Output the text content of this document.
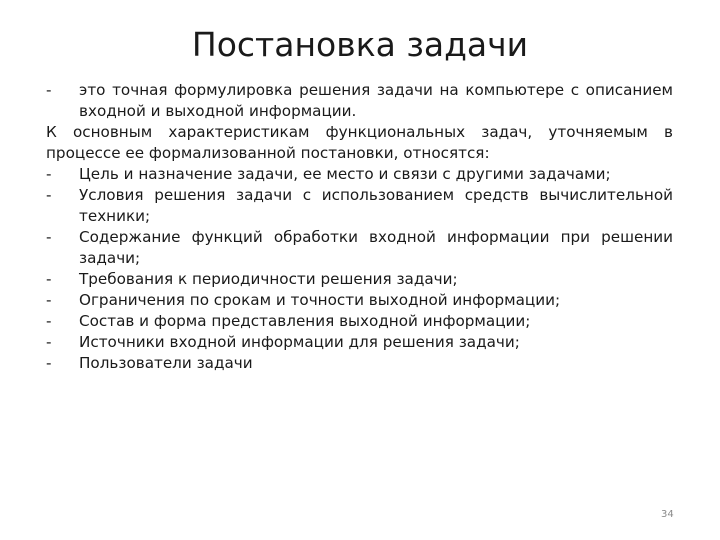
Постановка задачи
- это точная формулировка решения задачи на компьютере с описанием входной и выходной информации.
К основным характеристикам функциональных задач, уточняемым в процессе ее формализованной постановки, относятся:
- Цель и назначение задачи, ее место и связи с другими задачами;
- Условия решения задачи с использованием средств вычислительной техники;
- Содержание функций обработки входной информации при решении задачи;
- Требования к периодичности решения задачи;
- Ограничения по срокам и точности выходной информации;
- Состав и форма представления выходной информации;
- Источники входной информации для решения задачи;
- Пользователи задачи
34
